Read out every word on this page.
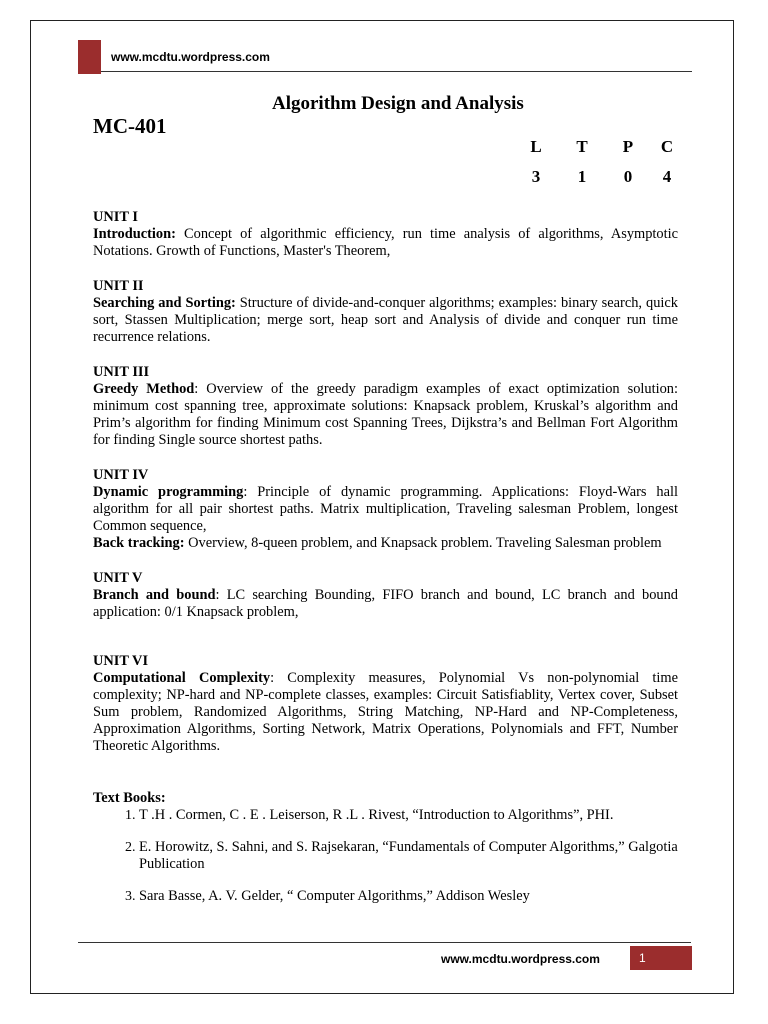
www.mcdtu.wordpress.com
Algorithm Design and Analysis
MC-401
L T P C
3	1	0	4
UNIT I

Introduction: Concept of algorithmic efficiency, run time analysis of algorithms, Asymptotic Notations. Growth of Functions, Master's Theorem,

UNIT II

Searching and Sorting: Structure of divide-and-conquer algorithms; examples: binary search, quick sort, Stassen Multiplication; merge sort, heap sort and Analysis of divide and conquer run time recurrence relations.

UNIT III

Greedy Method: Overview of the greedy paradigm examples of exact optimization solution: minimum cost spanning tree, approximate solutions: Knapsack problem, Kruskal’s algorithm and Prim’s algorithm for finding Minimum cost Spanning Trees, Dijkstra’s and Bellman Fort Algorithm for finding Single source shortest paths.

UNIT IV

Dynamic programming: Principle of dynamic programming. Applications: Floyd-Wars hall algorithm for all pair shortest paths. Matrix multiplication, Traveling salesman Problem, longest Common sequence,

Back tracking: Overview, 8-queen problem, and Knapsack problem. Traveling Salesman problem

UNIT V

Branch and bound: LC searching Bounding, FIFO branch and bound, LC branch and bound application: 0/1 Knapsack problem,

UNIT VI

Computational Complexity: Complexity measures, Polynomial Vs non-polynomial time complexity; NP-hard and NP-complete classes, examples: Circuit Satisfiablity, Vertex cover, Subset Sum problem, Randomized Algorithms, String Matching, NP-Hard and NP-Completeness, Approximation Algorithms, Sorting Network, Matrix Operations, Polynomials and FFT, Number Theoretic Algorithms.

Text Books:
1. T .H . Cormen, C . E . Leiserson, R .L . Rivest, “Introduction to Algorithms”, PHI.
2. E. Horowitz, S. Sahni, and S. Rajsekaran, “Fundamentals of Computer Algorithms,” Galgotia Publication
3. Sara Basse, A. V. Gelder, “ Computer Algorithms,” Addison Wesley
www.mcdtu.wordpress.com	1
